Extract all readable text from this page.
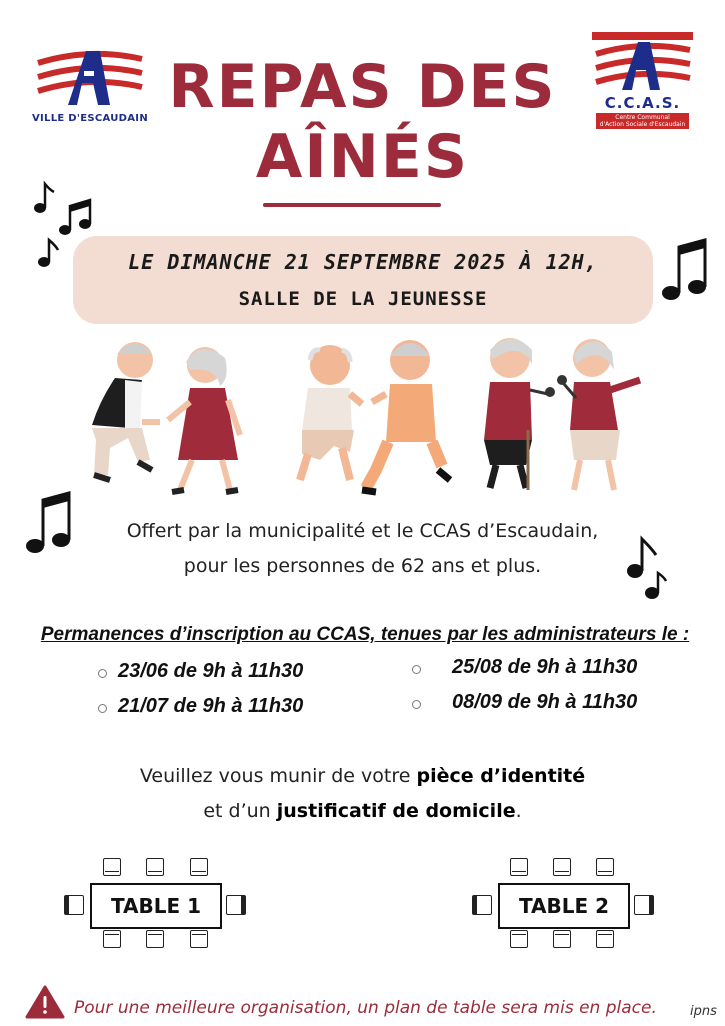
VILLE D'ESCAUDAIN
C.C.A.S.
Centre Communal
d'Action Sociale d'Escaudain
REPAS DES
AÎNÉS
LE DIMANCHE 21 SEPTEMBRE 2025 À 12H,
SALLE DE LA JEUNESSE
Offert par la municipalité et le CCAS d’Escaudain,
pour les personnes de 62 ans et plus.
Permanences d’inscription au CCAS, tenues par les administrateurs le :
23/06 de 9h à 11h30
21/07 de 9h à 11h30
25/08 de 9h à 11h30
08/09 de 9h à 11h30
Veuillez vous munir de votre pièce d’identité
et d’un justificatif de domicile.
TABLE 1	TABLE 2
Pour une meilleure organisation, un plan de table sera mis en place.	ipns
